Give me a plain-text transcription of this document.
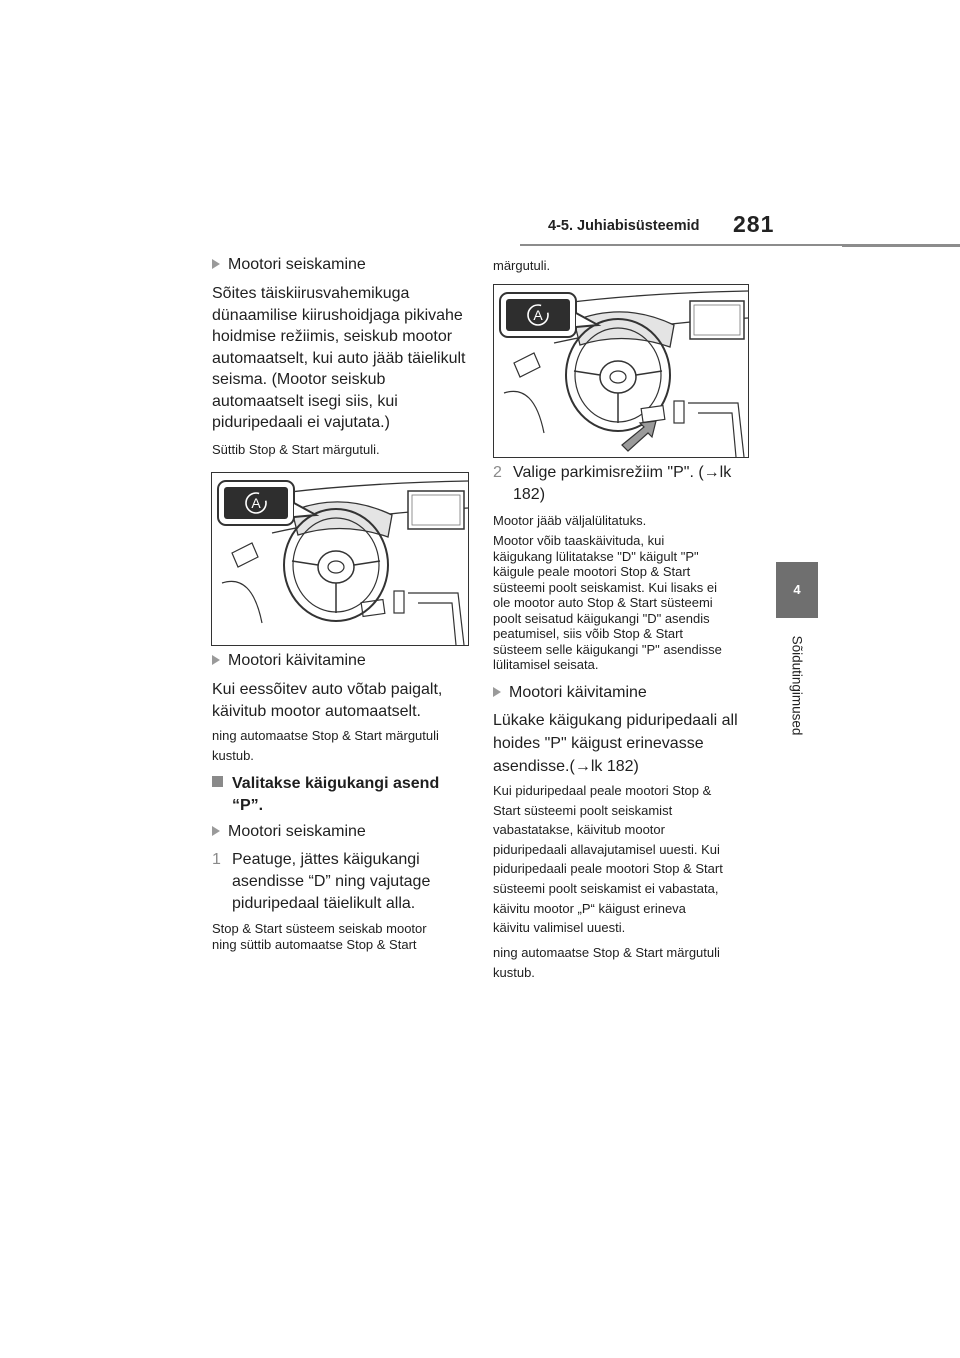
4-5. Juhiabisüsteemid 281
4
Sõidutingimused
Mootori seiskamine
Sõites täiskiirusvahemikuga
dünaamilise kiirushoidjaga pikivahe
hoidmise režiimis, seiskub mootor
automaatselt, kui auto jääb täielikult
seisma. (Mootor seiskub
automaatselt isegi siis, kui
piduripedaali ei vajutata.)
Süttib Stop & Start märgutuli.
A
Mootori käivitamine
Kui eessõitev auto võtab paigalt,
käivitub mootor automaatselt.
ning automaatse Stop & Start märgutuli
kustub.
Valitakse käigukangi asend
“P”.
Mootori seiskamine
1 Peatuge, jättes käigukangi
asendisse “D” ning vajutage
piduripedaal täielikult alla.
Stop & Start süsteem seiskab mootor
ning süttib automaatse Stop & Start
märgutuli.
A
2 Valige parkimisrežiim "P". (→lk
182)
Mootor jääb väljalülitatuks.
Mootor võib taaskäivituda, kui
käigukang lülitatakse "D" käigult "P"
käigule peale mootori Stop & Start
süsteemi poolt seiskamist. Kui lisaks ei
ole mootor auto Stop & Start süsteemi
poolt seisatud käigukangi "D" asendis
peatumisel, siis võib Stop & Start
süsteem selle käigukangi "P" asendisse
lülitamisel seisata.
Mootori käivitamine
Lükake käigukang piduripedaali all
hoides "P" käigust erinevasse
asendisse.(→lk 182)
Kui piduripedaal peale mootori Stop &
Start süsteemi poolt seiskamist
vabastatakse, käivitub mootor
piduripedaali allavajutamisel uuesti. Kui
piduripedaali peale mootori Stop & Start
süsteemi poolt seiskamist ei vabastata,
käivitu mootor „P“ käigust erineva
käivitu valimisel uuesti.
ning automaatse Stop & Start märgutuli
kustub.
